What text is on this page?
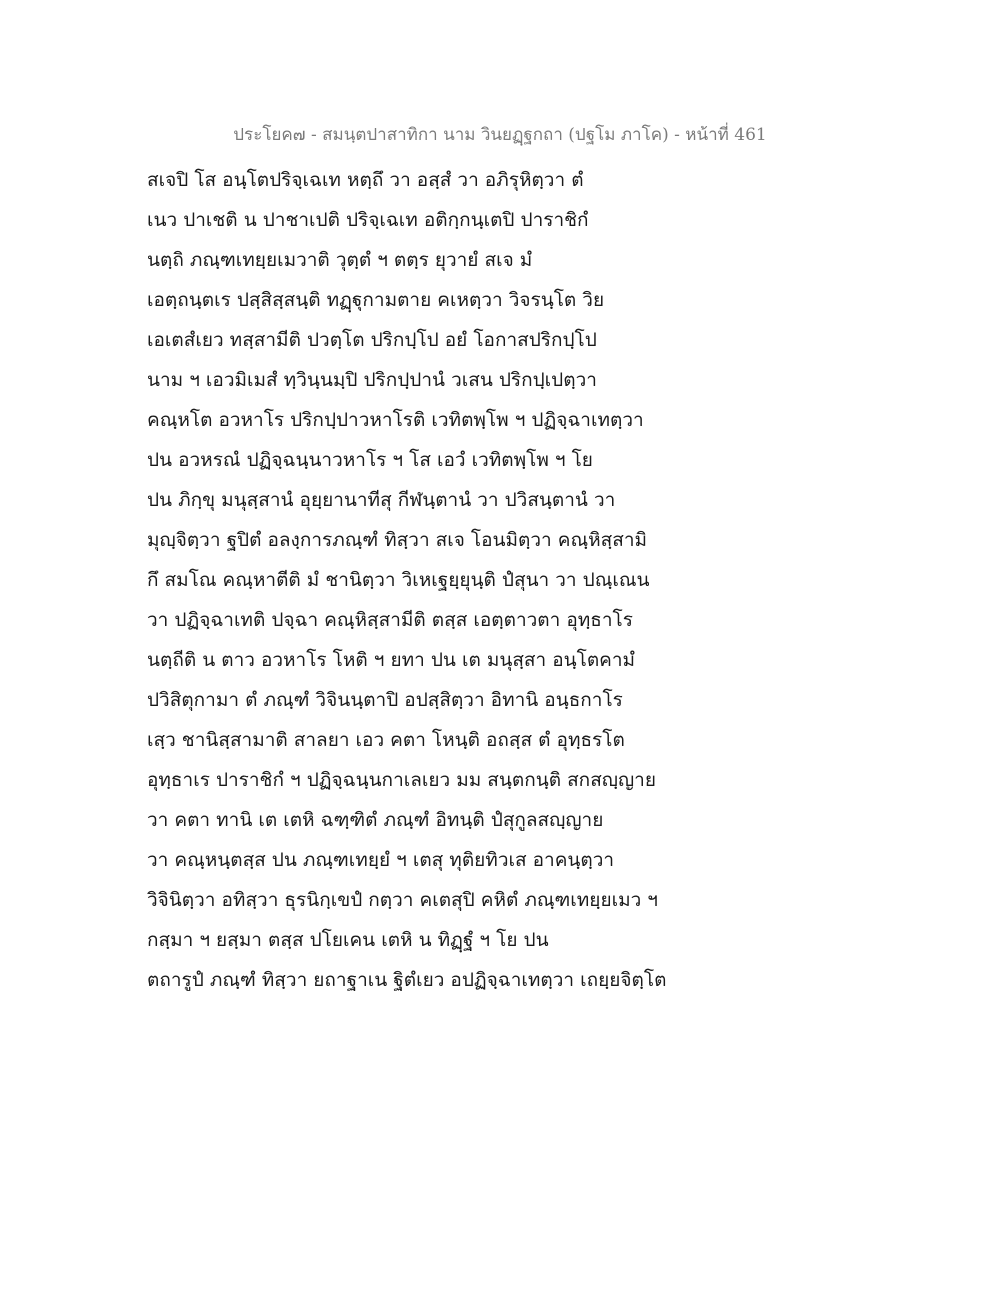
ประโยค๗ - สมนฺตปาสาทิกา นาม วินยฏฺฐกถา (ปฐโม ภาโค) - หน้าที่ 461
สเจปิ โส อนฺโตปริจฺเฉเท หตฺถึ วา อสฺสํ วา อภิรุหิตฺวา ตํ
เนว ปาเชติ น ปาชาเปติ ปริจฺเฉเท อติกฺกนฺเตปิ ปาราชิกํ
นตฺถิ ภณฺฑเทยฺยเมวาติ วุตฺตํ ฯ ตตฺร ยุวายํ สเจ มํ
เอตฺถนฺตเร ปสฺสิสฺสนฺติ ทฏฺฐุกามตาย คเหตฺวา วิจรนฺโต วิย
เอเตสํเยว ทสฺสามีติ ปวตฺโต ปริกปฺโป อยํ โอกาสปริกปฺโป
นาม ฯ เอวมิเมสํ ทฺวินฺนมฺปิ ปริกปฺปานํ วเสน ปริกปฺเปตฺวา
คณฺหโต อวหาโร ปริกปฺปาวหาโรติ เวทิตพฺโพ ฯ ปฏิจฺฉาเทตฺวา
ปน อวหรณํ ปฏิจฺฉนฺนาวหาโร ฯ โส เอวํ เวทิตพฺโพ ฯ โย
ปน ภิกฺขุ มนุสฺสานํ อุยฺยานาทีสุ กีฬนฺตานํ วา ปวิสนฺตานํ วา
มุญฺจิตฺวา ฐปิตํ อลงฺการภณฺฑํ ทิสฺวา สเจ โอนมิตฺวา คณฺหิสฺสามิ
กึ สมโณ คณฺหาตีติ มํ ชานิตฺวา วิเหเฐยฺยุนฺติ ปํสุนา วา ปณฺเณน
วา ปฏิจฺฉาเทติ ปจฺฉา คณฺหิสฺสามีติ ตสฺส เอตฺตาวตา อุทฺธาโร
นตฺถีติ น ตาว อวหาโร โหติ ฯ ยทา ปน เต มนุสฺสา อนฺโตคามํ
ปวิสิตุกามา ตํ ภณฺฑํ วิจินนฺตาปิ อปสฺสิตฺวา อิทานิ อนฺธกาโร
เสฺว ชานิสฺสามาติ สาลยา เอว คตา โหนฺติ อถสฺส ตํ อุทฺธรโต
อุทฺธาเร ปาราชิกํ ฯ ปฏิจฺฉนฺนกาเลเยว มม สนฺตกนฺติ สกสญฺญาย
วา คตา ทานิ เต เตหิ ฉฑฺฑิตํ ภณฺฑํ อิทนฺติ ปํสุกูลสญฺญาย
วา คณฺหนฺตสฺส ปน ภณฺฑเทยฺยํ ฯ เตสุ ทุติยทิวเส อาคนฺตฺวา
วิจินิตฺวา อทิสฺวา ธุรนิกฺเขปํ กตฺวา คเตสุปิ คหิตํ ภณฺฑเทยฺยเมว ฯ
กสฺมา ฯ ยสฺมา ตสฺส ปโยเคน เตหิ น ทิฏฺฐํ ฯ โย ปน
ตถารูปํ ภณฺฑํ ทิสฺวา ยถาฐาเน ฐิตํเยว อปฏิจฺฉาเทตฺวา เถยฺยจิตฺโต
